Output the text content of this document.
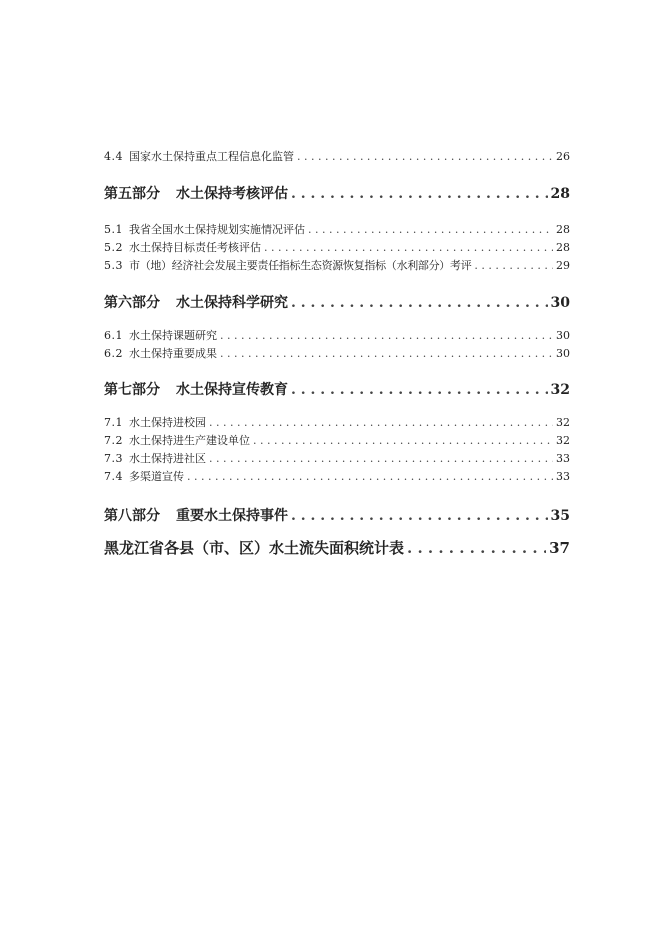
4.4 国家水土保持重点工程信息化监管 . . .	26
第五部分 水土保持考核评估 . . .	28
5.1 我省全国水土保持规划实施情况评估 . . .	28
5.2 水土保持目标责任考核评估 . . .	28
5.3 市（地）经济社会发展主要责任指标生态资源恢复指标（水利部分）考评 . . .	29
第六部分 水土保持科学研究 . . .	30
6.1 水土保持课题研究 . . .	30
6.2 水土保持重要成果 . . .	30
第七部分 水土保持宣传教育 . . .	32
7.1 水土保持进校园 . . .	32
7.2 水土保持进生产建设单位 . . .	32
7.3 水土保持进社区 . . .	33
7.4 多渠道宣传 . . .	33
第八部分 重要水土保持事件 . . .	35
黑龙江省各县（市、区）水土流失面积统计表 . . .	37
